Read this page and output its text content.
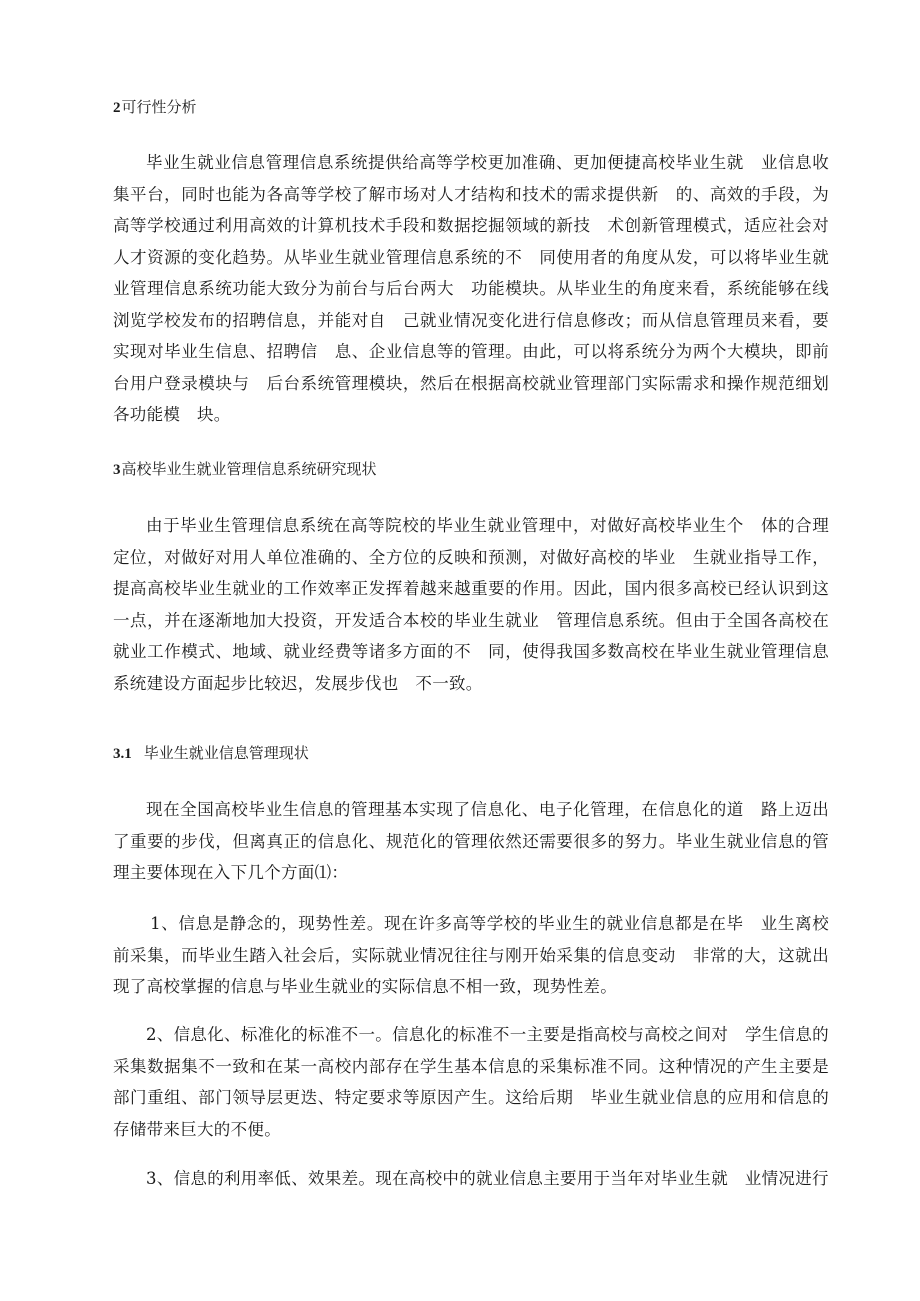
2可行性分析

毕业生就业信息管理信息系统提供给高等学校更加准确、更加便捷高校毕业生就　业信息收集平台，同时也能为各高等学校了解市场对人才结构和技术的需求提供新　的、高效的手段，为高等学校通过利用高效的计算机技术手段和数据挖掘领域的新技　术创新管理模式，适应社会对人才资源的变化趋势。从毕业生就业管理信息系统的不　同使用者的角度从发，可以将毕业生就业管理信息系统功能大致分为前台与后台两大　功能模块。从毕业生的角度来看，系统能够在线浏览学校发布的招聘信息，并能对自　己就业情况变化进行信息修改；而从信息管理员来看，要实现对毕业生信息、招聘信　息、企业信息等的管理。由此，可以将系统分为两个大模块，即前台用户登录模块与　后台系统管理模块，然后在根据高校就业管理部门实际需求和操作规范细划各功能模　块。

3高校毕业生就业管理信息系统研究现状

由于毕业生管理信息系统在高等院校的毕业生就业管理中，对做好高校毕业生个　体的合理定位，对做好对用人单位准确的、全方位的反映和预测，对做好高校的毕业　生就业指导工作，提高高校毕业生就业的工作效率正发挥着越来越重要的作用。因此，国内很多高校已经认识到这一点，并在逐渐地加大投资，开发适合本校的毕业生就业　管理信息系统。但由于全国各高校在就业工作模式、地域、就业经费等诸多方面的不　同，使得我国多数高校在毕业生就业管理信息系统建设方面起步比较迟，发展步伐也　不一致。

3.1 毕业生就业信息管理现状

现在全国高校毕业生信息的管理基本实现了信息化、电子化管理，在信息化的道　路上迈出了重要的步伐，但离真正的信息化、规范化的管理依然还需要很多的努力。毕业生就业信息的管理主要体现在入下几个方面⑴：

1、信息是静念的，现势性差。现在许多高等学校的毕业生的就业信息都是在毕　业生离校前采集，而毕业生踏入社会后，实际就业情况往往与刚开始采集的信息变动　非常的大，这就出现了高校掌握的信息与毕业生就业的实际信息不相一致，现势性差。

2、信息化、标准化的标准不一。信息化的标准不一主要是指高校与高校之间对　学生信息的采集数据集不一致和在某一高校内部存在学生基本信息的采集标准不同。这种情况的产生主要是部门重组、部门领导层更迭、特定要求等原因产生。这给后期　毕业生就业信息的应用和信息的存储带来巨大的不便。

3、信息的利用率低、效果差。现在高校中的就业信息主要用于当年对毕业生就　业情况进行
